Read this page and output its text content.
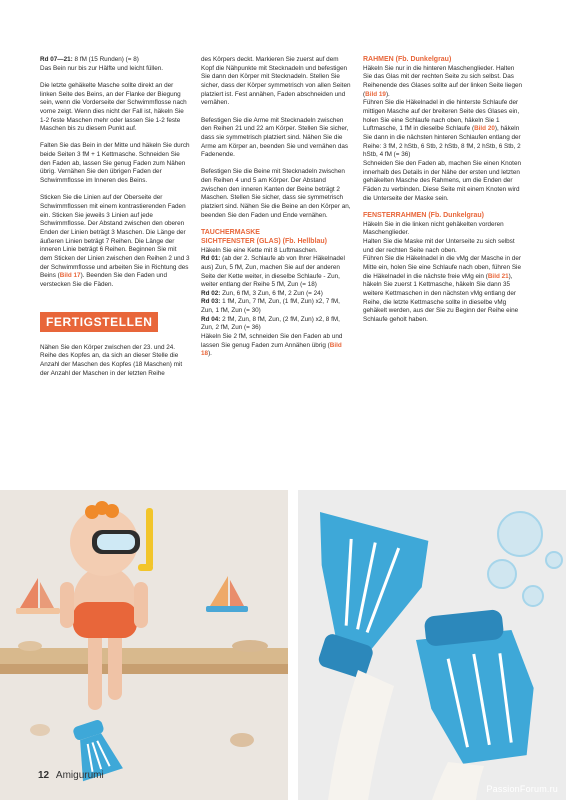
Rd 07—21: 8 fM (15 Runden) (= 8)
Das Bein nur bis zur Hälfte und leicht füllen.

Die letzte gehäkelte Masche sollte direkt an der linken Seite des Beins, an der Flanke der Biegung sein, wenn die Vorderseite der Schwimmflosse nach vorne zeigt. Wenn dies nicht der Fall ist, häkeln Sie 1-2 feste Maschen mehr oder lassen Sie 1-2 feste Maschen bis zu diesem Punkt auf.

Falten Sie das Bein in der Mitte und häkeln Sie durch beide Seiten 3 fM + 1 Kettmasche. Schneiden Sie den Faden ab, lassen Sie genug Faden zum Nähen übrig. Vernähen Sie den übrigen Faden der Schwimmflosse im Inneren des Beins.

Sticken Sie die Linien auf der Oberseite der Schwimmflossen mit einem kontrastierenden Faden ein. Sticken Sie jeweils 3 Linien auf jede Schwimmflosse. Der Abstand zwischen den oberen Enden der Linien beträgt 3 Maschen. Die Länge der äußeren Linien beträgt 7 Reihen. Die Länge der inneren Linie beträgt 6 Reihen. Beginnen Sie mit dem Sticken der Linien zwischen den Reihen 2 und 3 der Schwimmflosse und arbeiten Sie in Richtung des Beins (Bild 17). Beenden Sie den Faden und verstecken Sie die Fäden.

FERTIGSTELLEN

Nähen Sie den Körper zwischen der 23. und 24. Reihe des Kopfes an, da sich an dieser Stelle die Anzahl der Maschen des Kopfes (18 Maschen) mit der Anzahl der Maschen in der letzten Reihe

des Körpers deckt. Markieren Sie zuerst auf dem Kopf die Nähpunkte mit Stecknadeln und befestigen Sie dann den Körper mit Stecknadeln. Stellen Sie sicher, dass der Körper symmetrisch von allen Seiten platziert ist. Fest annähen, Faden abschneiden und vernähen.

Befestigen Sie die Arme mit Stecknadeln zwischen den Reihen 21 und 22 am Körper. Stellen Sie sicher, dass sie symmetrisch platziert sind. Nähen Sie die Arme am Körper an, beenden Sie und vernähen das Fadenende.

Befestigen Sie die Beine mit Stecknadeln zwischen den Reihen 4 und 5 am Körper. Der Abstand zwischen den inneren Kanten der Beine beträgt 2 Maschen. Stellen Sie sicher, dass sie symmetrisch platziert sind. Nähen Sie die Beine an den Körper an, beenden Sie den Faden und Ende vernähen.

TAUCHERMASKE
SICHTFENSTER (GLAS) (Fb. Hellblau)
Häkeln Sie eine Kette mit 8 Luftmaschen.
Rd 01: (ab der 2. Schlaufe ab von Ihrer Häkelnadel aus) Zun, 5 fM, Zun, machen Sie auf der anderen Seite der Kette weiter, in dieselbe Schlaufe - Zun, weiter entlang der Reihe 5 fM, Zun (= 18)
Rd 02: Zun, 6 fM, 3 Zun, 6 fM, 2 Zun (= 24)
Rd 03: 1 fM, Zun, 7 fM, Zun, (1 fM, Zun) x2, 7 fM, Zun, 1 fM, Zun (= 30)
Rd 04: 2 fM, Zun, 8 fM, Zun, (2 fM, Zun) x2, 8 fM, Zun, 2 fM, Zun (= 36)
Häkeln Sie 2 fM, schneiden Sie den Faden ab und lassen Sie genug Faden zum Annähen übrig (Bild 18).
RAHMEN (Fb. Dunkelgrau)
Häkeln Sie nur in die hinteren Maschenglieder. Halten Sie das Glas mit der rechten Seite zu sich selbst. Das Reihenende des Glases sollte auf der linken Seite liegen (Bild 19).
Führen Sie die Häkelnadel in die hinterste Schlaufe der mittigen Masche auf der breiteren Seite des Glases ein, holen Sie eine Schlaufe nach oben, häkeln Sie 1 Luftmasche, 1 fM in dieselbe Schlaufe (Bild 20), häkeln Sie dann in die nächsten hinteren Schlaufen entlang der Reihe: 3 fM, 2 hStb, 6 Stb, 2 hStb, 8 fM, 2 hStb, 6 Stb, 2 hStb, 4 fM (= 36)

Schneiden Sie den Faden ab, machen Sie einen Knoten innerhalb des Details in der Nähe der ersten und letzten gehäkelten Masche des Rahmens, um die Enden der Fäden zu verbinden. Diese Seite mit einem Knoten wird die Unterseite der Maske sein.

FENSTERRAHMEN (Fb. Dunkelgrau)
Häkeln Sie in die linken nicht gehäkelten vorderen Maschenglieder.
Halten Sie die Maske mit der Unterseite zu sich selbst und der rechten Seite nach oben.
Führen Sie die Häkelnadel in die vMg der Masche in der Mitte ein, holen Sie eine Schlaufe nach oben, führen Sie die Häkelnadel in die nächste freie vMg ein (Bild 21), häkeln Sie zuerst 1 Kettmasche, häkeln Sie dann 35 weitere Kettmaschen in den nächsten vMg entlang der Reihe, die letzte Kettmasche sollte in dieselbe vMg gehäkelt werden, aus der Sie zu Beginn der Reihe eine Schlaufe geholt haben.
12 Amigurumi
PassionForum.ru
